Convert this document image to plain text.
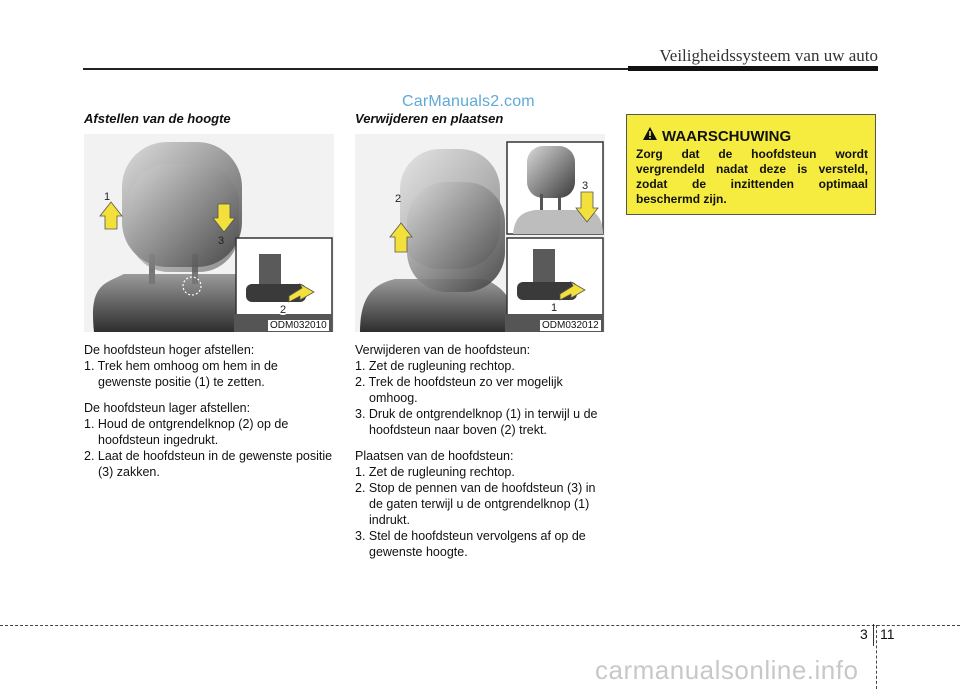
Veiligheidssysteem van uw auto
CarManuals2.com
Afstellen van de hoogte
1
3
2
ODM032010

De hoofdsteun hoger afstellen:

1. Trek hem omhoog om hem in de gewenste positie (1) te zetten.

De hoofdsteun lager afstellen:

1. Houd de ontgrendelknop (2) op de hoofdsteun ingedrukt.

2. Laat de hoofdsteun in de gewenste positie (3) zakken.

Verwijderen en plaatsen
2
3
1
ODM032012

Verwijderen van de hoofdsteun:

1. Zet de rugleuning rechtop.

2. Trek de hoofdsteun zo ver mogelijk omhoog.

3. Druk de ontgrendelknop (1) in terwijl u de hoofdsteun naar boven (2) trekt.

Plaatsen van de hoofdsteun:

1. Zet de rugleuning rechtop.

2. Stop de pennen van de hoofdsteun (3) in de gaten terwijl u de ontgrendelknop (1) indrukt.

3. Stel de hoofdsteun vervolgens af op de gewenste hoogte.

WAARSCHUWING
Zorg dat de hoofdsteun wordt vergrendeld nadat deze is versteld, zodat de inzittenden optimaal beschermd zijn.
3 11
carmanualsonline.info
